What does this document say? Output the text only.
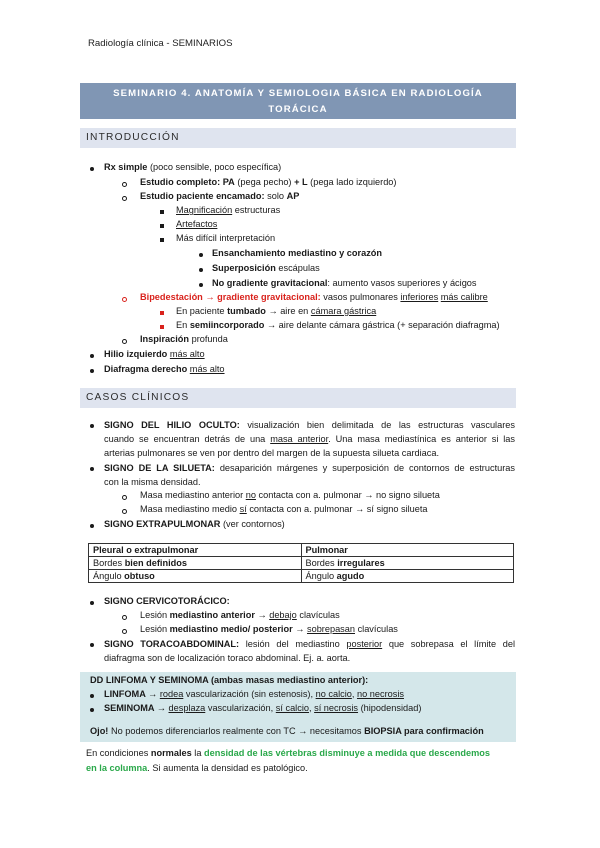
Radiología clínica - SEMINARIOS
SEMINARIO 4. ANATOMÍA Y SEMIOLOGIA BÁSICA EN RADIOLOGÍA
TORÁCICA
INTRODUCCIÓN
Rx simple (poco sensible, poco específica)
Estudio completo: PA (pega pecho) + L (pega lado izquierdo)
Estudio paciente encamado: solo AP
Magnificación estructuras
Artefactos
Más difícil interpretación
Ensanchamiento mediastino y corazón
Superposición escápulas
No gradiente gravitacional: aumento vasos superiores y ácigos
Bipedestación → gradiente gravitacional: vasos pulmonares inferiores más calibre
En paciente tumbado → aire en cámara gástrica
En semiincorporado → aire delante cámara gástrica (+ separación diafragma)
Inspiración profunda
Hilio izquierdo más alto
Diafragma derecho más alto
CASOS CLÍNICOS
SIGNO DEL HILIO OCULTO: visualización bien delimitada de las estructuras vasculares
cuando se encuentran detrás de una masa anterior. Una masa mediastínica es anterior si las
arterias pulmonares se ven por dentro del margen de la supuesta silueta cardiaca.
SIGNO DE LA SILUETA: desaparición márgenes y superposición de contornos de estructuras
con la misma densidad.
Masa mediastino anterior no contacta con a. pulmonar → no signo silueta
Masa mediastino medio sí contacta con a. pulmonar → sí signo silueta
SIGNO EXTRAPULMONAR (ver contornos)
Pleural o extrapulmonar	Pulmonar
Bordes bien definidos	Bordes irregulares
Ángulo obtuso	Ángulo agudo
SIGNO CERVICOTORÁCICO:
Lesión mediastino anterior → debajo clavículas
Lesión mediastino medio/ posterior → sobrepasan clavículas
SIGNO TORACOABDOMINAL: lesión del mediastino posterior que sobrepasa el límite del
diafragma son de localización toraco abdominal. Ej. a. aorta.
DD LINFOMA Y SEMINOMA (ambas masas mediastino anterior):
LINFOMA → rodea vascularización (sin estenosis), no calcio, no necrosis
SEMINOMA → desplaza vascularización, sí calcio, sí necrosis (hipodensidad)
Ojo! No podemos diferenciarlos realmente con TC → necesitamos BIOPSIA para confirmación
En condiciones normales la densidad de las vértebras disminuye a medida que descendemos
en la columna. Si aumenta la densidad es patológico.
